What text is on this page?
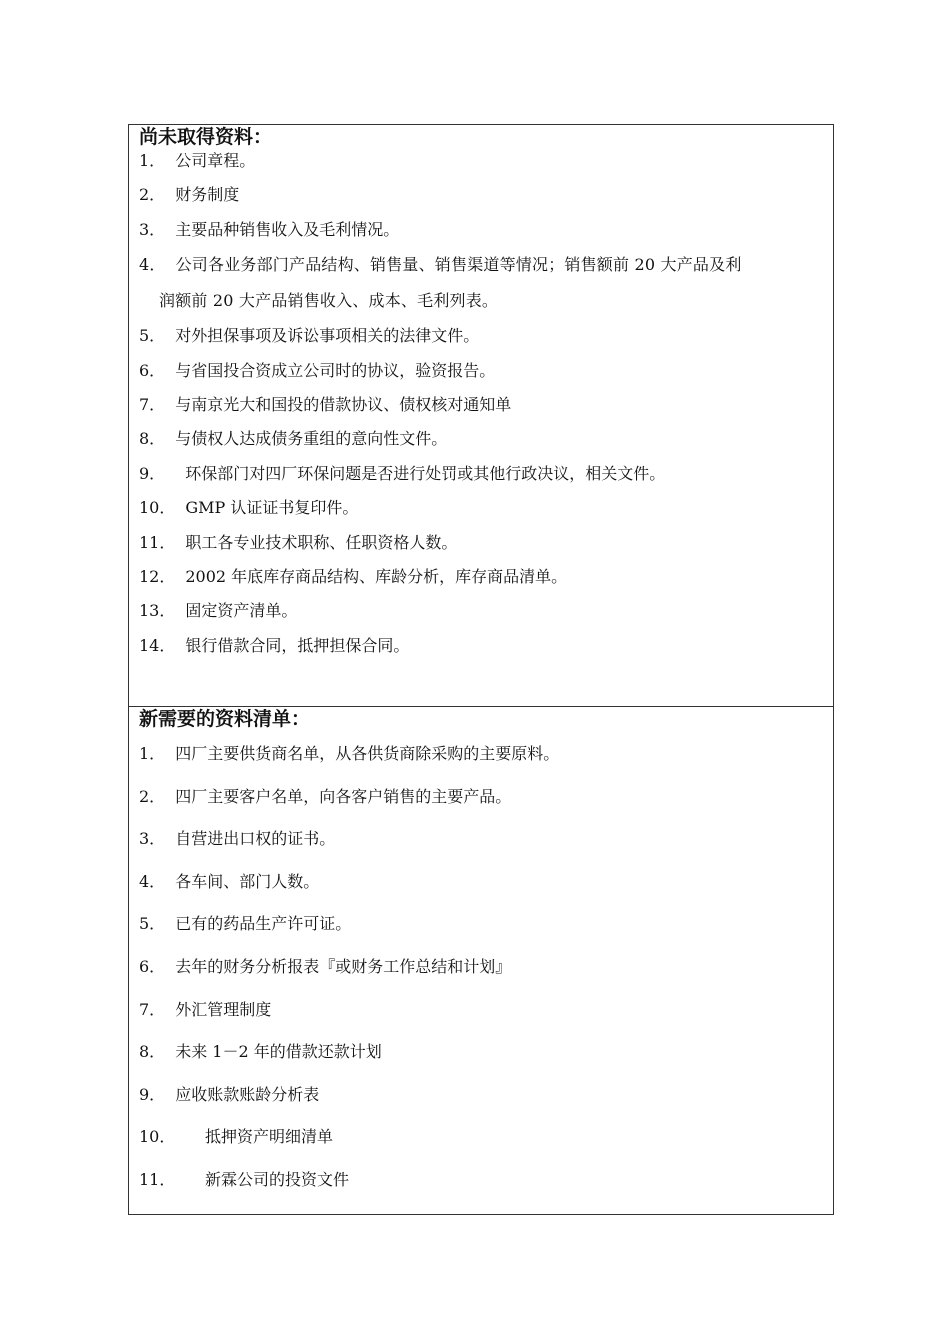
尚未取得资料：
1． 公司章程。
2． 财务制度
3． 主要品种销售收入及毛利情况。
4． 公司各业务部门产品结构、销售量、销售渠道等情况；销售额前 20 大产品及利
润额前 20 大产品销售收入、成本、毛利列表。
5． 对外担保事项及诉讼事项相关的法律文件。
6． 与省国投合资成立公司时的协议，验资报告。
7． 与南京光大和国投的借款协议、债权核对通知单
8． 与债权人达成债务重组的意向性文件。
9． 环保部门对四厂环保问题是否进行处罚或其他行政决议，相关文件。
10． GMP 认证证书复印件。
11． 职工各专业技术职称、任职资格人数。
12． 2002 年底库存商品结构、库龄分析，库存商品清单。
13． 固定资产清单。
14． 银行借款合同，抵押担保合同。
新需要的资料清单：
1． 四厂主要供货商名单，从各供货商除采购的主要原料。
2． 四厂主要客户名单，向各客户销售的主要产品。
3． 自营进出口权的证书。
4． 各车间、部门人数。
5． 已有的药品生产许可证。
6． 去年的财务分析报表『或财务工作总结和计划』
7． 外汇管理制度
8． 未来 1－2 年的借款还款计划
9． 应收账款账龄分析表
10． 抵押资产明细清单
11． 新霖公司的投资文件
